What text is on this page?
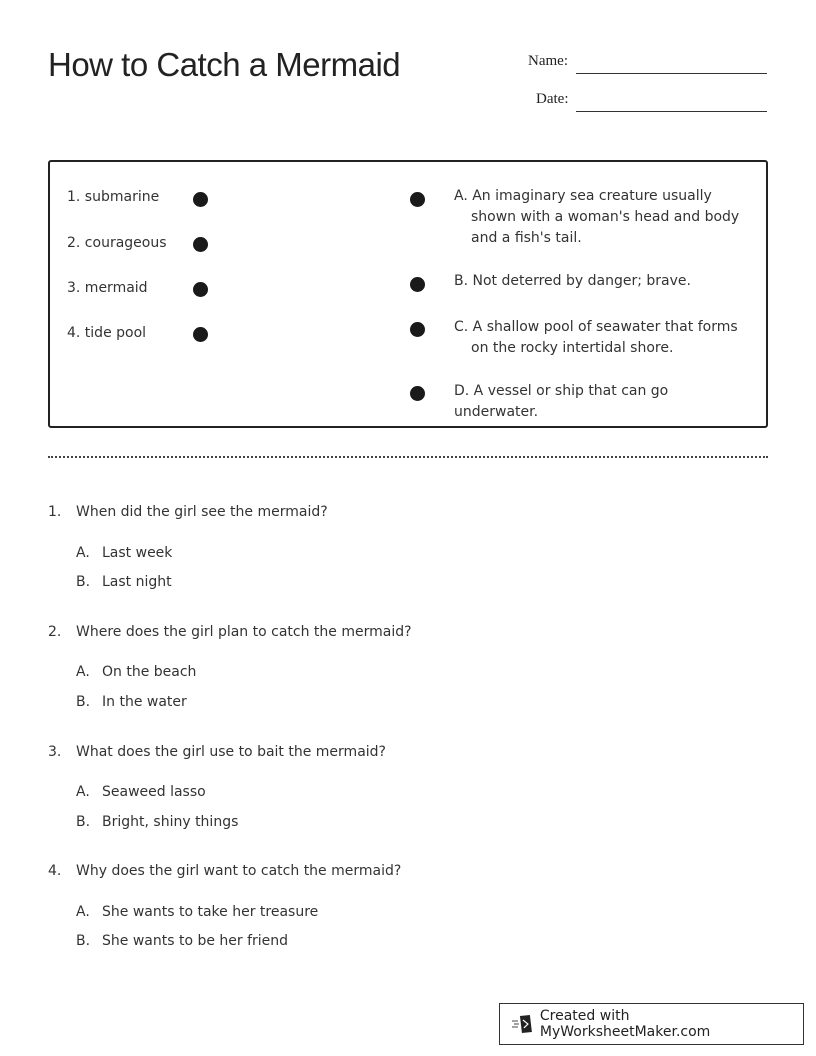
How to Catch a Mermaid	Name:
Date:
1. submarine
2. courageous
3. mermaid
4. tide pool
A. An imaginary sea creature usually
shown with a woman's head and body
and a fish's tail.
B. Not deterred by danger; brave.
C. A shallow pool of seawater that forms
on the rocky intertidal shore.
D. A vessel or ship that can go underwater.
1. When did the girl see the mermaid?
A. Last week
B. Last night
2. Where does the girl plan to catch the mermaid?
A. On the beach
B. In the water
3. What does the girl use to bait the mermaid?
A. Seaweed lasso
B. Bright, shiny things
4. Why does the girl want to catch the mermaid?
A. She wants to take her treasure
B. She wants to be her friend
Created with MyWorksheetMaker.com
